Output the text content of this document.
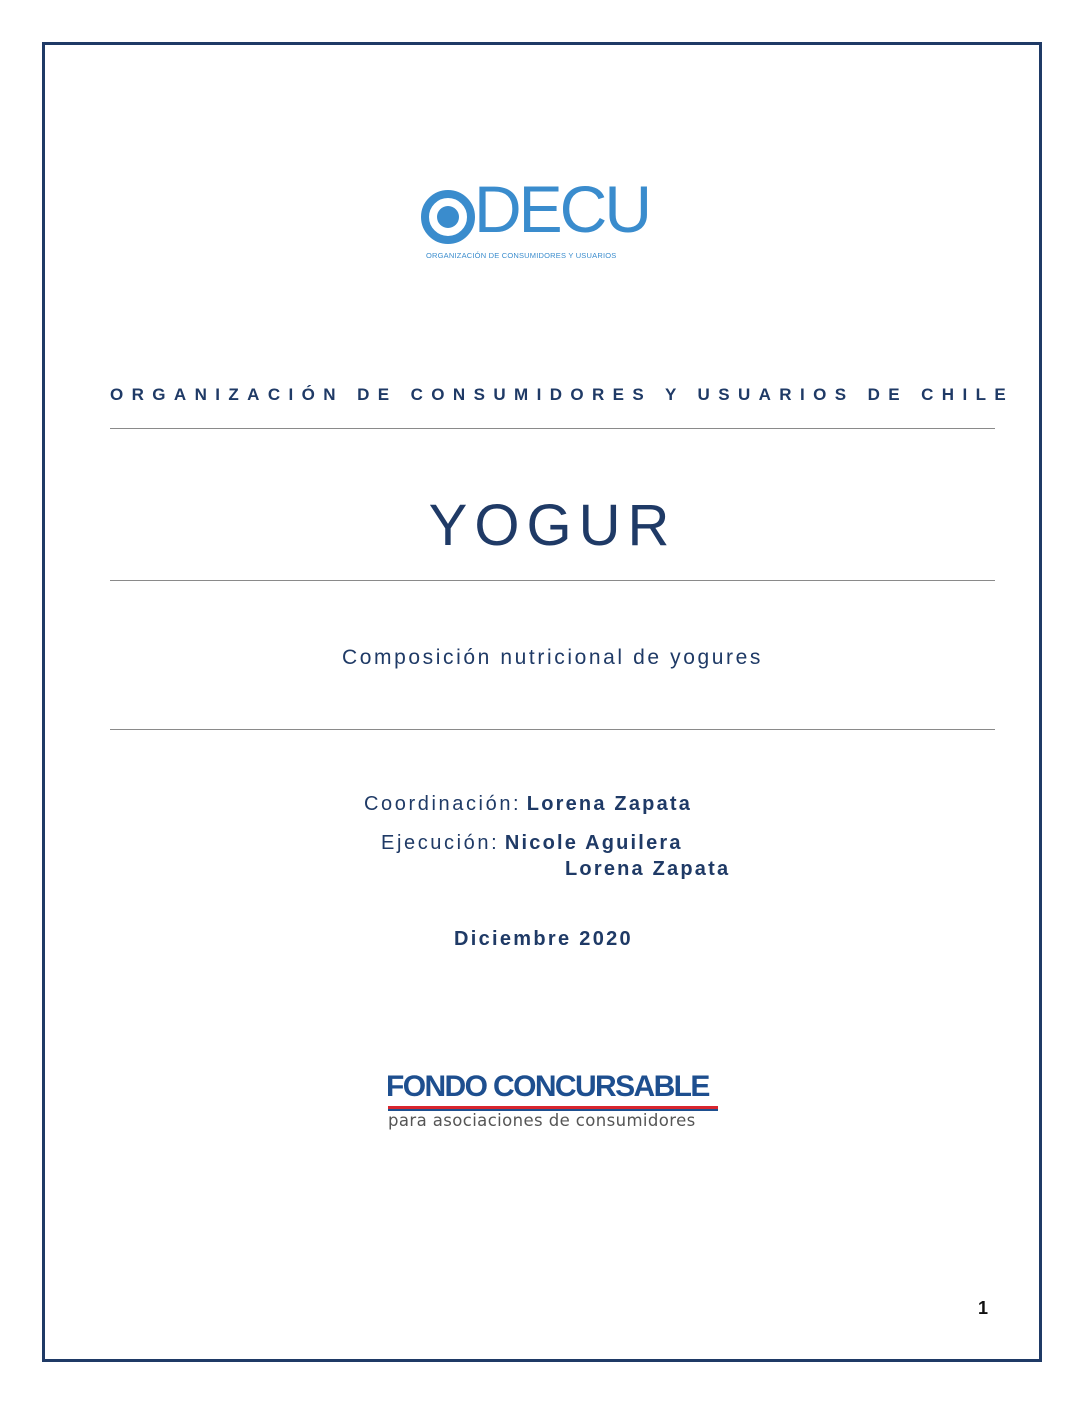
DECU
ORGANIZACIÓN DE CONSUMIDORES Y USUARIOS
ORGANIZACIÓN DE CONSUMIDORES Y USUARIOS DE CHILE
YOGUR
Composición nutricional de yogures
Coordinación: Lorena Zapata
Ejecución: Nicole Aguilera
Lorena Zapata
Diciembre 2020
FONDO CONCURSABLE
para asociaciones de consumidores
1
